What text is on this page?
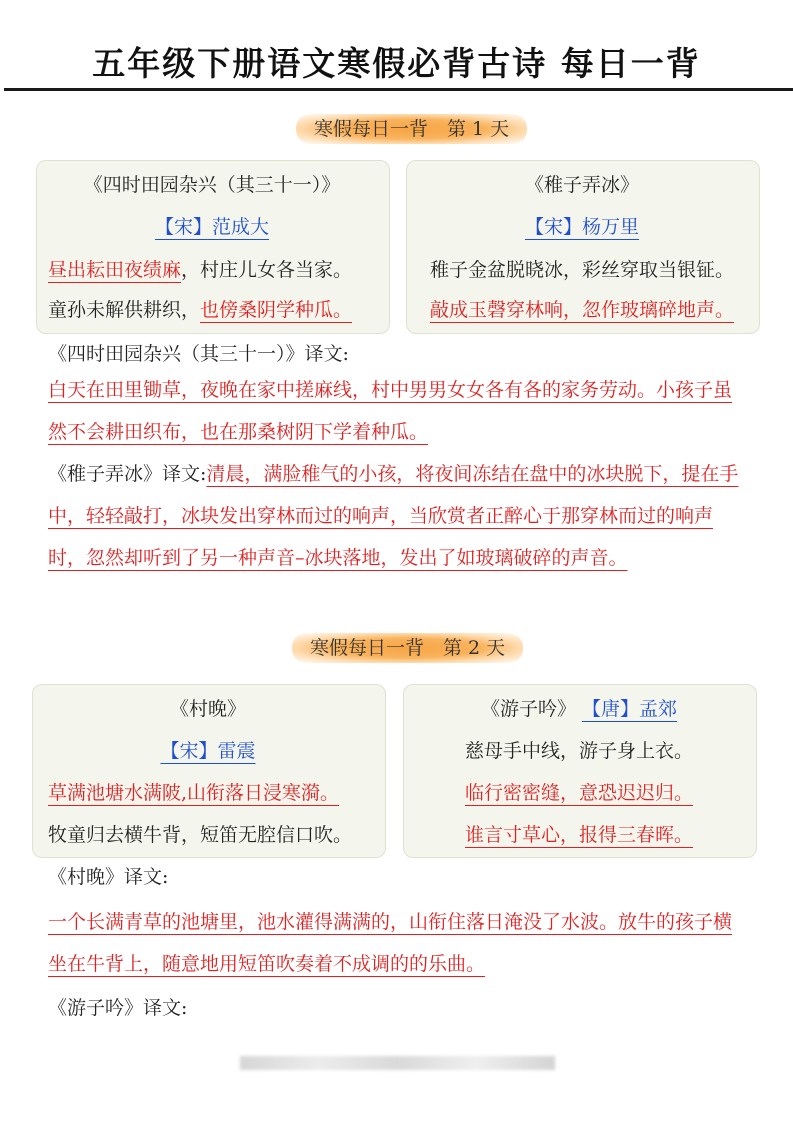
五年级下册语文寒假必背古诗 每日一背
寒假每日一背　第 1 天
《四时田园杂兴（其三十一）》
【宋】范成大
昼出耘田夜绩麻，村庄儿女各当家。
童孙未解供耕织，也傍桑阴学种瓜。
《稚子弄冰》
【宋】杨万里
稚子金盆脱晓冰，彩丝穿取当银钲。
敲成玉磬穿林响，忽作玻璃碎地声。
《四时田园杂兴（其三十一）》译文:
白天在田里锄草，夜晚在家中搓麻线，村中男男女女各有各的家务劳动。小孩子虽然不会耕田织布，也在那桑树阴下学着种瓜。
《稚子弄冰》译文:清晨，满脸稚气的小孩，将夜间冻结在盘中的冰块脱下，提在手中，轻轻敲打，冰块发出穿林而过的响声，当欣赏者正醉心于那穿林而过的响声时，忽然却听到了另一种声音–冰块落地，发出了如玻璃破碎的声音。
寒假每日一背　第 2 天
《村晚》
【宋】雷震
草满池塘水满陂,山衔落日浸寒漪。
牧童归去横牛背，短笛无腔信口吹。
《游子吟》 【唐】孟郊
慈母手中线，游子身上衣。
临行密密缝，意恐迟迟归。
谁言寸草心，报得三春晖。
《村晚》译文:
一个长满青草的池塘里，池水灌得满满的，山衔住落日淹没了水波。放牛的孩子横坐在牛背上，随意地用短笛吹奏着不成调的的乐曲。
《游子吟》译文:
